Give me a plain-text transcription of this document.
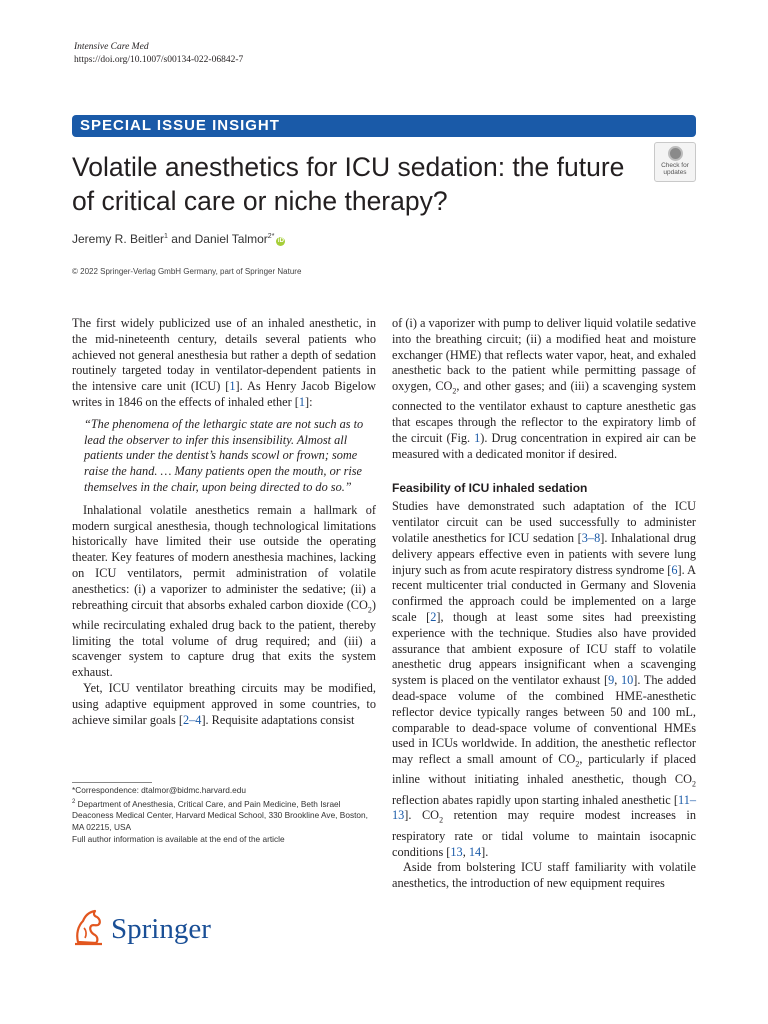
Intensive Care Med
https://doi.org/10.1007/s00134-022-06842-7
SPECIAL ISSUE INSIGHT
Volatile anesthetics for ICU sedation: the future of critical care or niche therapy?
Check for
updates
Jeremy R. Beitler$^1$ and Daniel Talmor$^{2*}$iD
© 2022 Springer-Verlag GmbH Germany, part of Springer Nature

The first widely publicized use of an inhaled anesthetic, in the mid-nineteenth century, details several patients who achieved not general anesthesia but rather a depth of sedation routinely targeted today in ventilator-dependent patients in the intensive care unit (ICU) [1]. As Henry Jacob Bigelow writes in 1846 on the effects of inhaled ether [1]:

“The phenomena of the lethargic state are not such as to lead the observer to infer this insensibility. Almost all patients under the dentist’s hands scowl or frown; some raise the hand. … Many patients open the mouth, or rise themselves in the chair, upon being directed to do so.”

Inhalational volatile anesthetics remain a hallmark of modern surgical anesthesia, though technological limitations historically have limited their use outside the operating theater. Key features of modern anesthesia machines, lacking on ICU ventilators, permit administration of volatile anesthetics: (i) a vaporizer to administer the sedative; (ii) a rebreathing circuit that absorbs exhaled carbon dioxide $(CO_2)$ while recirculating exhaled drug back to the patient, thereby limiting the total volume of drug required; and (iii) a scavenger system to capture drug that exits the system exhaust.

Yet, ICU ventilator breathing circuits may be modified, using adaptive equipment approved in some countries, to achieve similar goals [2–4]. Requisite adaptations consist

of (i) a vaporizer with pump to deliver liquid volatile sedative into the breathing circuit; (ii) a modified heat and moisture exchanger (HME) that reflects water vapor, heat, and exhaled anesthetic back to the patient while permitting passage of oxygen, $CO_2$, and other gases; and (iii) a scavenging system connected to the ventilator exhaust to capture anesthetic gas that escapes through the reflector to the expiratory limb of the circuit (Fig. 1). Drug concentration in expired air can be measured with a dedicated monitor if desired.

Feasibility of ICU inhaled sedation

Studies have demonstrated such adaptation of the ICU ventilator circuit can be used successfully to administer volatile anesthetics for ICU sedation [3–8]. Inhalational drug delivery appears effective even in patients with severe lung injury such as from acute respiratory distress syndrome [6]. A recent multicenter trial conducted in Germany and Slovenia confirmed the approach could be implemented on a large scale [2], though at least some sites had preexisting experience with the technique. Studies also have provided assurance that ambient exposure of ICU staff to volatile anesthetic drug appears insignificant when a scavenging system is placed on the ventilator exhaust [9, 10]. The added dead-space volume of the combined HME-anesthetic reflector device typically ranges between 50 and 100 mL, comparable to dead-space volume of conventional HMEs used in ICUs worldwide. In addition, the anesthetic reflector may reflect a small amount of $CO_2$, particularly if placed inline without initiating inhaled anesthetic, though $CO_2$ reflection abates rapidly upon starting inhaled anesthetic [11–13]. $CO_2$ retention may require modest increases in respiratory rate or tidal volume to maintain isocapnic conditions [13, 14].

Aside from bolstering ICU staff familiarity with volatile anesthetics, the introduction of new equipment requires

*Correspondence: dtalmor@bidmc.harvard.edu
$^2$ Department of Anesthesia, Critical Care, and Pain Medicine, Beth Israel Deaconess Medical Center, Harvard Medical School, 330 Brookline Ave, Boston, MA 02215, USA
Full author information is available at the end of the article
Springer
